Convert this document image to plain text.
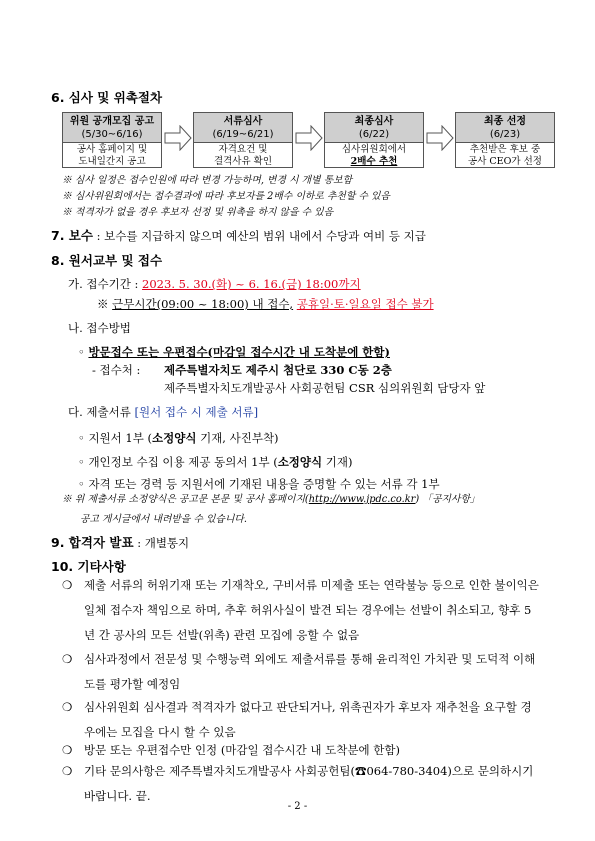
6. 심사 및 위촉절차
위원 공개모집 공고
(5/30~6/16)
공사 홈페이지 및
도내일간지 공고
서류심사
(6/19~6/21)
자격요건 및
결격사유 확인
최종심사
(6/22)
심사위원회에서
2배수 추천
최종 선정
(6/23)
추천받은 후보 중
공사 CEO가 선정
※ 심사 일정은 접수인원에 따라 변경 가능하며, 변경 시 개별 통보함
※ 심사위원회에서는 접수결과에 따라 후보자를 2배수 이하로 추천할 수 있음
※ 적격자가 없을 경우 후보자 선정 및 위촉을 하지 않을 수 있음
7. 보수 : 보수를 지급하지 않으며 예산의 범위 내에서 수당과 여비 등 지급
8. 원서교부 및 접수
가. 접수기간 : 2023. 5. 30.(화) ~ 6. 16.(금) 18:00까지
※ 근무시간(09:00 ~ 18:00) 내 접수, 공휴일·토·일요일 접수 불가
나. 접수방법
◦ 방문접수 또는 우편접수(마감일 접수시간 내 도착분에 한함)
- 접수처 : 제주특별자치도 제주시 첨단로 330 C동 2층
제주특별자치도개발공사 사회공헌팀 CSR 심의위원회 담당자 앞
다. 제출서류 [원서 접수 시 제출 서류]
◦ 지원서 1부 (소정양식 기재, 사진부착)
◦ 개인정보 수집 이용 제공 동의서 1부 (소정양식 기재)
◦ 자격 또는 경력 등 지원서에 기재된 내용을 증명할 수 있는 서류 각 1부
※ 위 제출서류 소정양식은 공고문 본문 및 공사 홈페이지(http://www.jpdc.co.kr) 「공지사항」
공고 게시글에서 내려받을 수 있습니다.
9. 합격자 발표 : 개별통지
10. 기타사항
❍	제출 서류의 허위기재 또는 기재착오, 구비서류 미제출 또는 연락불능 등으로 인한 불이익은 일체 접수자 책임으로 하며, 추후 허위사실이 발견 되는 경우에는 선발이 취소되고, 향후 5년 간 공사의 모든 선발(위촉) 관련 모집에 응할 수 없음
❍	심사과정에서 전문성 및 수행능력 외에도 제출서류를 통해 윤리적인 가치관 및 도덕적 이해도를 평가할 예정임
❍	심사위원회 심사결과 적격자가 없다고 판단되거나, 위촉권자가 후보자 재추천을 요구할 경우에는 모집을 다시 할 수 있음
❍	방문 또는 우편접수만 인정 (마감일 접수시간 내 도착분에 한함)
❍	기타 문의사항은 제주특별자치도개발공사 사회공헌팀(☎064-780-3404)으로 문의하시기 바랍니다. 끝.
- 2 -
